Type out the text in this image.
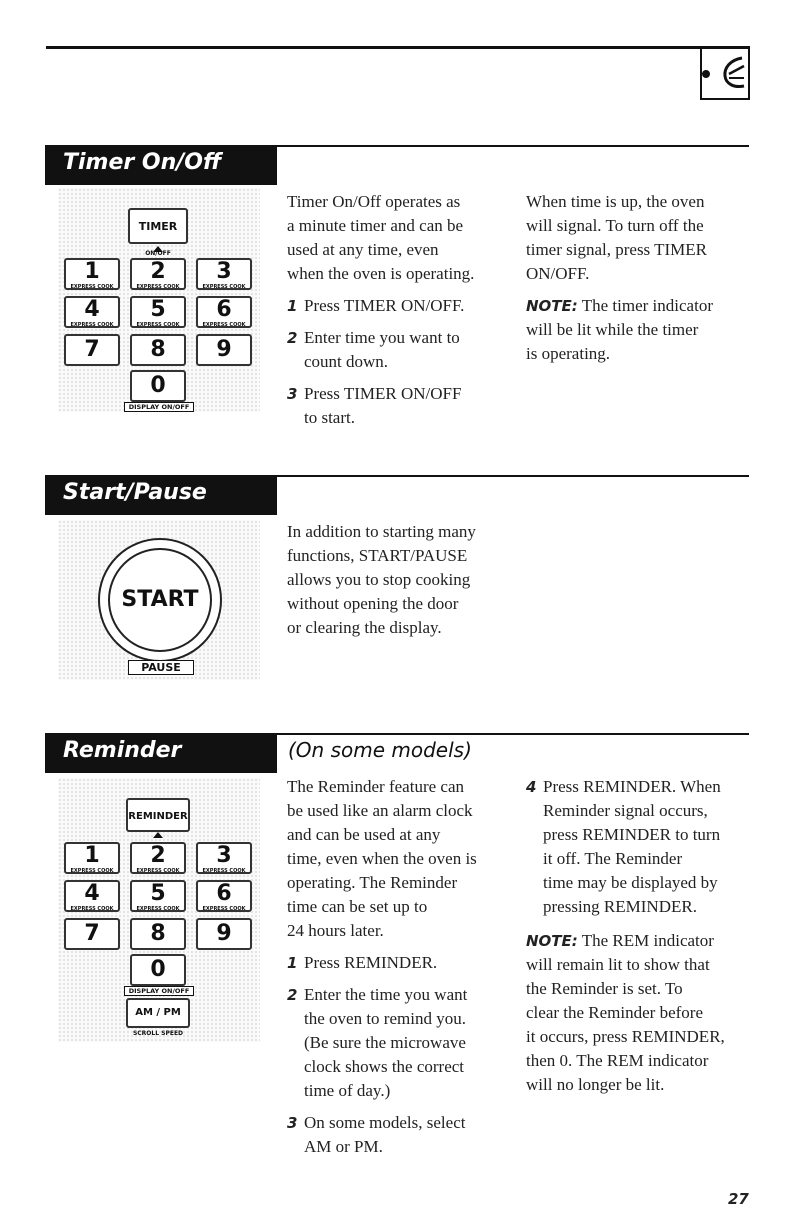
Timer On/Off
TIMER
ON/OFF
1
EXPRESS COOK
2
EXPRESS COOK
3
EXPRESS COOK
4
EXPRESS COOK
5
EXPRESS COOK
6
EXPRESS COOK
7	8	9
0
DISPLAY ON/OFF

Timer On/Off operates as

a minute timer and can be

used at any time, even

when the oven is operating.

1 Press TIMER ON/OFF.

2 Enter time you want to

count down.

3 Press TIMER ON/OFF

to start.

When time is up, the oven

will signal. To turn off the

timer signal, press TIMER

ON/OFF.

NOTE: The timer indicator

will be lit while the timer

is operating.

Start/Pause
START
PAUSE

In addition to starting many

functions, START/PAUSE

allows you to stop cooking

without opening the door

or clearing the display.

Reminder	(On some models)
REMINDER
1
EXPRESS COOK
2
EXPRESS COOK
3
EXPRESS COOK
4
EXPRESS COOK
5
EXPRESS COOK
6
EXPRESS COOK
7	8	9
0
DISPLAY ON/OFF
AM / PM
SCROLL SPEED

The Reminder feature can

be used like an alarm clock

and can be used at any

time, even when the oven is

operating. The Reminder

time can be set up to

24 hours later.

1 Press REMINDER.

2 Enter the time you want

the oven to remind you.

(Be sure the microwave

clock shows the correct

time of day.)

3 On some models, select

AM or PM.

4 Press REMINDER. When

Reminder signal occurs,

press REMINDER to turn

it off. The Reminder

time may be displayed by

pressing REMINDER.

NOTE: The REM indicator

will remain lit to show that

the Reminder is set. To

clear the Reminder before

it occurs, press REMINDER,

then 0. The REM indicator

will no longer be lit.

27
